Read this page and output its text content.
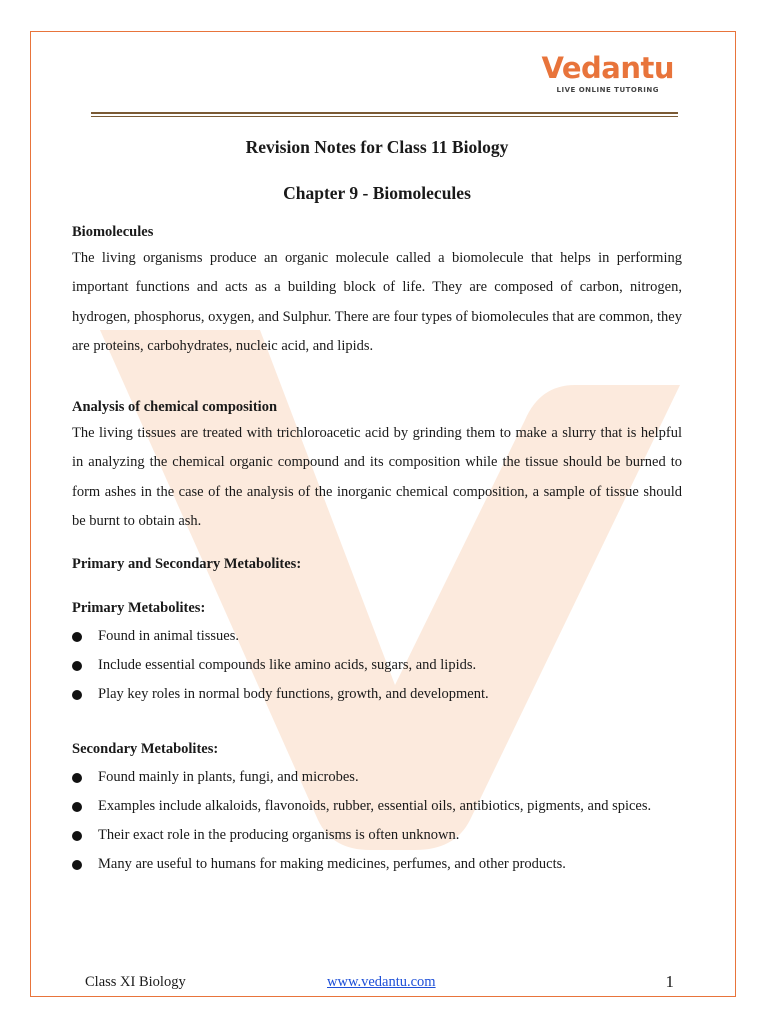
Vedantu
LIVE ONLINE TUTORING
Revision Notes for Class 11 Biology
Chapter 9 - Biomolecules
Biomolecules
The living organisms produce an organic molecule called a biomolecule that helps in performing important functions and acts as a building block of life. They are composed of carbon, nitrogen, hydrogen, phosphorus, oxygen, and Sulphur. There are four types of biomolecules that are common, they are proteins, carbohydrates, nucleic acid, and lipids.
Analysis of chemical composition
The living tissues are treated with trichloroacetic acid by grinding them to make a slurry that is helpful in analyzing the chemical organic compound and its composition while the tissue should be burned to form ashes in the case of the analysis of the inorganic chemical composition, a sample of tissue should be burnt to obtain ash.
Primary and Secondary Metabolites:
Primary Metabolites:
Found in animal tissues.
Include essential compounds like amino acids, sugars, and lipids.
Play key roles in normal body functions, growth, and development.
Secondary Metabolites:
Found mainly in plants, fungi, and microbes.
Examples include alkaloids, flavonoids, rubber, essential oils, antibiotics, pigments, and spices.
Their exact role in the producing organisms is often unknown.
Many are useful to humans for making medicines, perfumes, and other products.
Class XI Biology	www.vedantu.com	1
